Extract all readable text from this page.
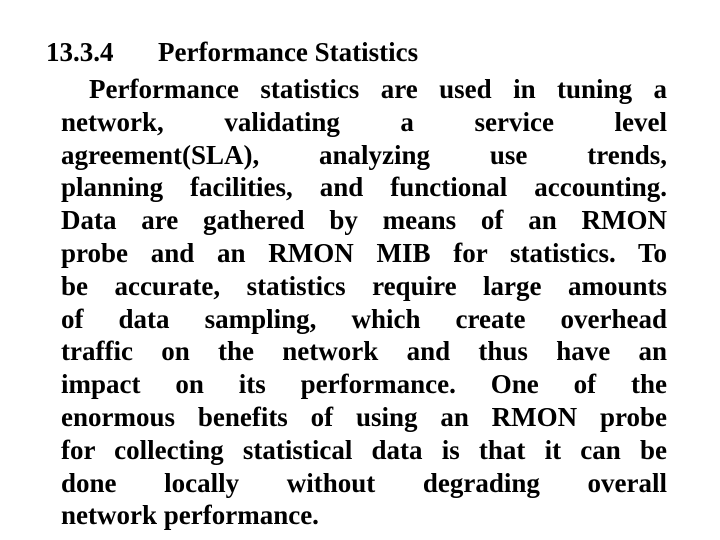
13.3.4 Performance Statistics
Performance statistics are used in tuning a
network, validating a service level
agreement(SLA), analyzing use trends,
planning facilities, and functional accounting.
Data are gathered by means of an RMON
probe and an RMON MIB for statistics. To
be accurate, statistics require large amounts
of data sampling, which create overhead
traffic on the network and thus have an
impact on its performance. One of the
enormous benefits of using an RMON probe
for collecting statistical data is that it can be
done locally without degrading overall
network performance.
